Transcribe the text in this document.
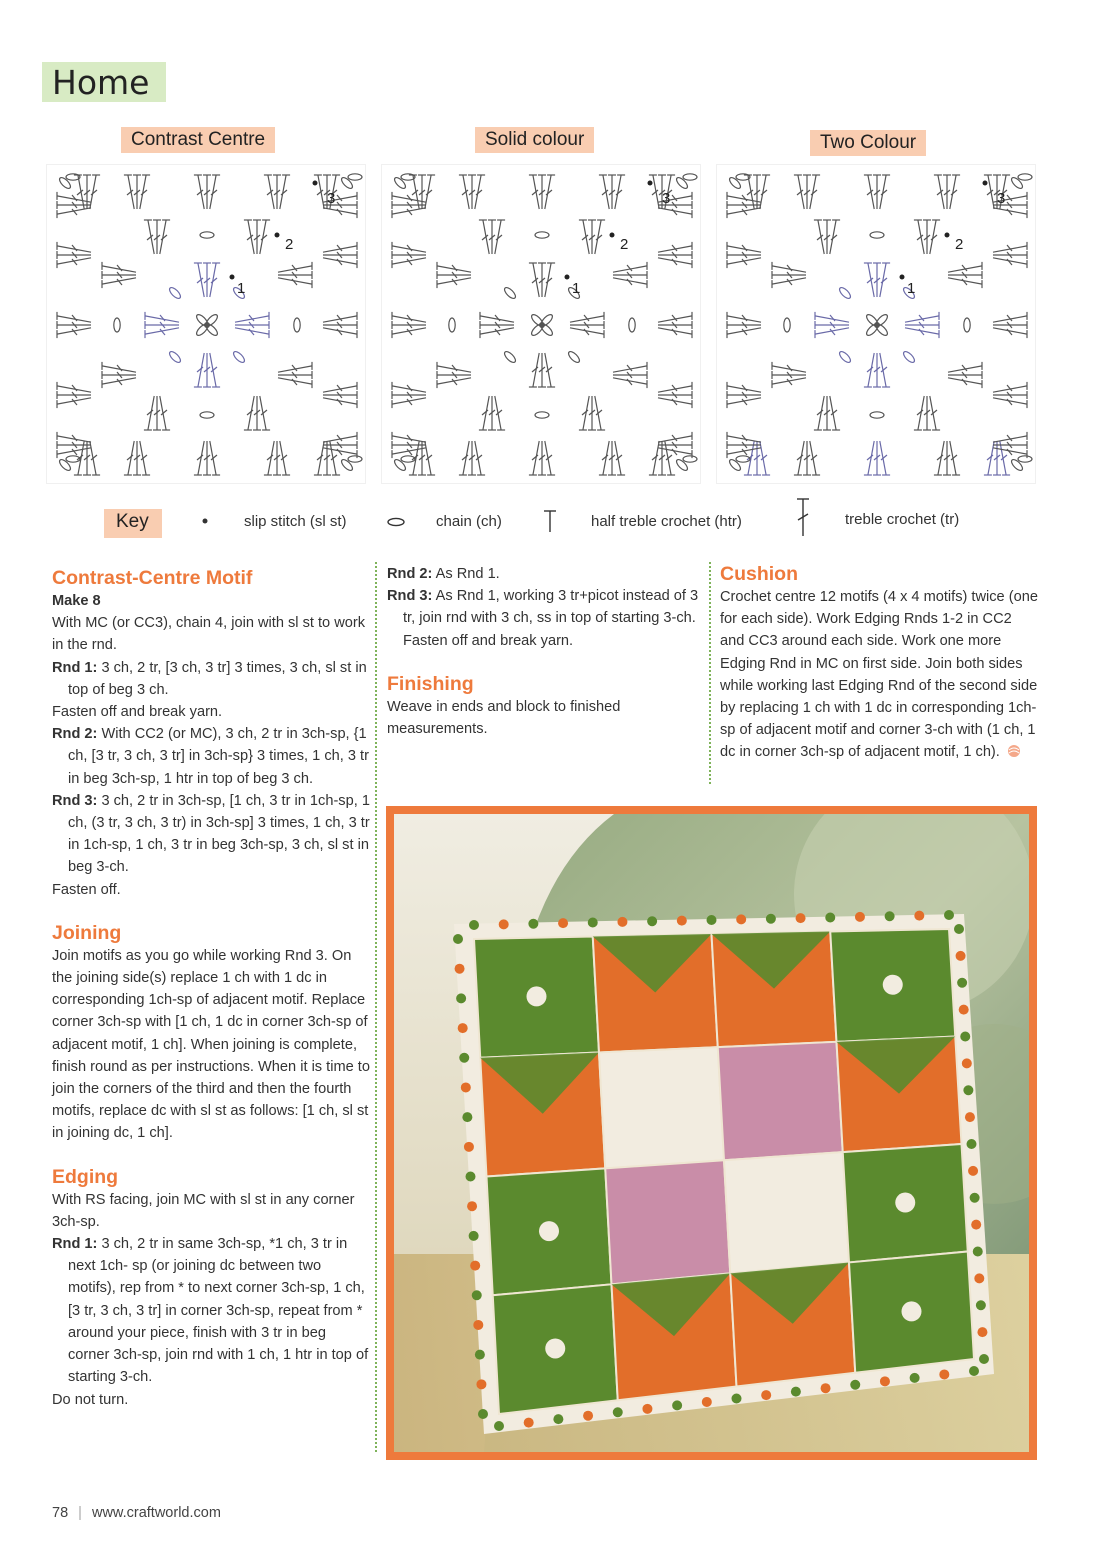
Home
Contrast Centre	Solid colour	Two Colour
3
2
1
3
2
1
3
2
1
Key	slip stitch (sl st)	chain (ch)	half treble crochet (htr)	treble crochet (tr)

Contrast-Centre Motif

Make 8

With MC (or CC3), chain 4, join with sl st to work in the rnd.

Rnd 1: 3 ch, 2 tr, [3 ch, 3 tr] 3 times, 3 ch, sl st in top of beg 3 ch.

Fasten off and break yarn.

Rnd 2: With CC2 (or MC), 3 ch, 2 tr in 3ch-sp, {1 ch, [3 tr, 3 ch, 3 tr] in 3ch-sp} 3 times, 1 ch, 3 tr in beg 3ch-sp, 1 htr in top of beg 3 ch.

Rnd 3: 3 ch, 2 tr in 3ch-sp, [1 ch, 3 tr in 1ch-sp, 1 ch, (3 tr, 3 ch, 3 tr) in 3ch-sp] 3 times, 1 ch, 3 tr in 1ch-sp, 1 ch, 3 tr in beg 3ch-sp, 3 ch, sl st in beg 3-ch.

Fasten off.

Joining

Join motifs as you go while working Rnd 3. On the joining side(s) replace 1 ch with 1 dc in corresponding 1ch-sp of adjacent motif. Replace corner 3ch-sp with [1 ch, 1 dc in corner 3ch-sp of adjacent motif, 1 ch]. When joining is complete, finish round as per instructions. When it is time to join the corners of the third and then the fourth motifs, replace dc with sl st as follows: [1 ch, sl st in joining dc, 1 ch].

Edging

With RS facing, join MC with sl st in any corner 3ch-sp.

Rnd 1: 3 ch, 2 tr in same 3ch-sp, *1 ch, 3 tr in next 1ch- sp (or joining dc between two motifs), rep from * to next corner 3ch-sp, 1 ch, [3 tr, 3 ch, 3 tr] in corner 3ch-sp, repeat from * around your piece, finish with 3 tr in beg corner 3ch-sp, join rnd with 1 ch, 1 htr in top of starting 3-ch.

Do not turn.

Rnd 2: As Rnd 1.

Rnd 3: As Rnd 1, working 3 tr+picot instead of 3 tr, join rnd with 3 ch, ss in top of starting 3-ch. Fasten off and break yarn.

Finishing

Weave in ends and block to finished measurements.

Cushion

Crochet centre 12 motifs (4 x 4 motifs) twice (one for each side). Work Edging Rnds 1-2 in CC2 and CC3 around each side. Work one more Edging Rnd in MC on first side. Join both sides while working last Edging Rnd of the second side by replacing 1 ch with 1 dc in corresponding 1ch-sp of adjacent motif and corner 3-ch with (1 ch, 1 dc in corner 3ch-sp of adjacent motif, 1 ch).

78 | www.craftworld.com
